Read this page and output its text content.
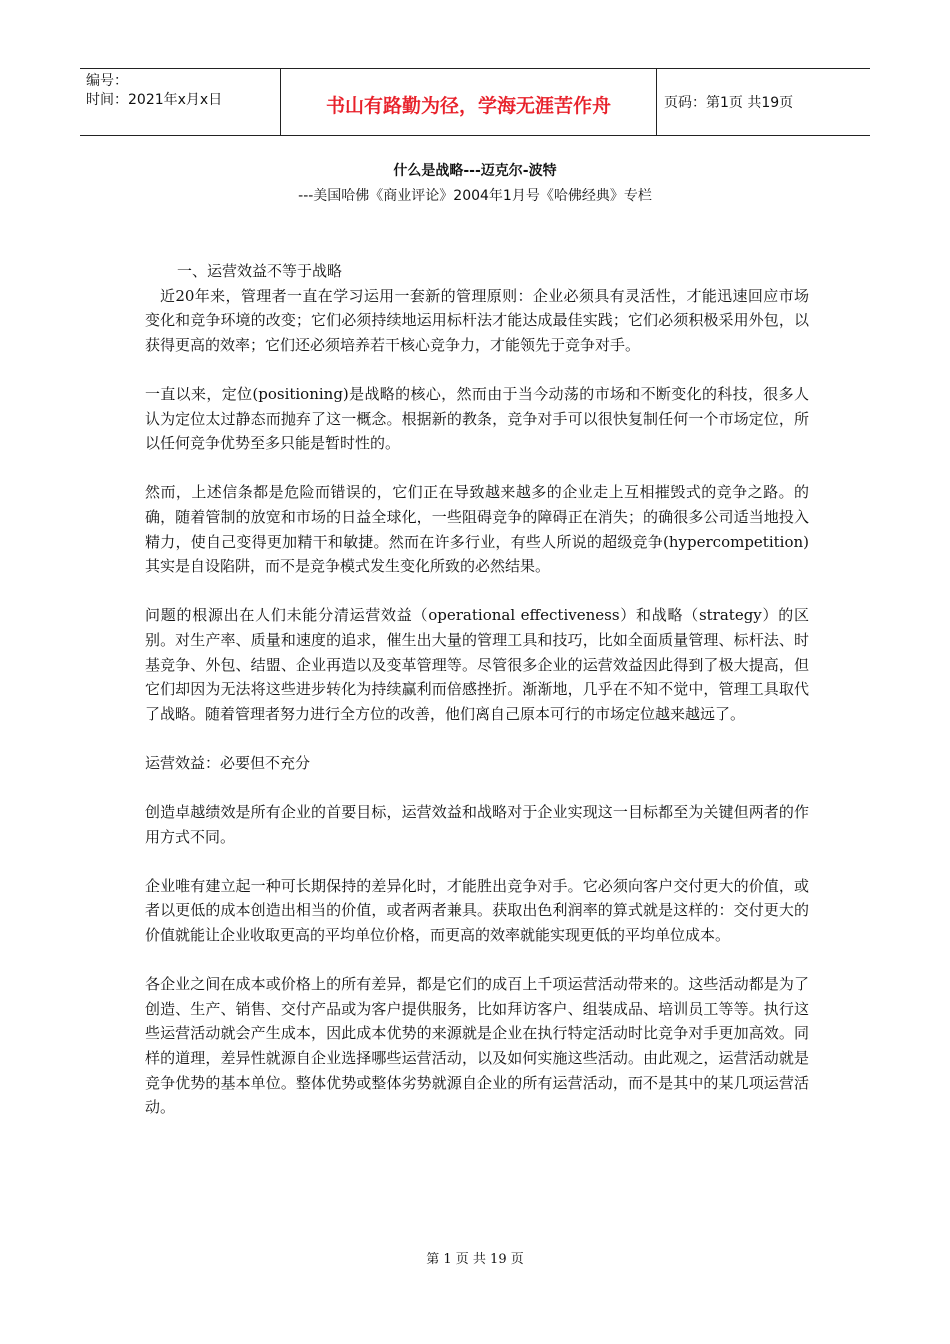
编号：
时间：2021年x月x日	书山有路勤为径，学海无涯苦作舟	页码：第1页 共19页
什么是战略---迈克尔-波特
---美国哈佛《商业评论》2004年1月号《哈佛经典》专栏

一、运营效益不等于战略

近20年来，管理者一直在学习运用一套新的管理原则：企业必须具有灵活性，才能迅速回应市场变化和竞争环境的改变；它们必须持续地运用标杆法才能达成最佳实践；它们必须积极采用外包，以获得更高的效率；它们还必须培养若干核心竞争力，才能领先于竞争对手。

一直以来，定位(positioning)是战略的核心，然而由于当今动荡的市场和不断变化的科技，很多人认为定位太过静态而抛弃了这一概念。根据新的教条，竞争对手可以很快复制任何一个市场定位，所以任何竞争优势至多只能是暂时性的。

然而，上述信条都是危险而错误的，它们正在导致越来越多的企业走上互相摧毁式的竞争之路。的确，随着管制的放宽和市场的日益全球化，一些阻碍竞争的障碍正在消失；的确很多公司适当地投入精力，使自己变得更加精干和敏捷。然而在许多行业，有些人所说的超级竞争(hypercompetition)其实是自设陷阱，而不是竞争模式发生变化所致的必然结果。

问题的根源出在人们未能分清运营效益（operational effectiveness）和战略（strategy）的区别。对生产率、质量和速度的追求，催生出大量的管理工具和技巧，比如全面质量管理、标杆法、时基竞争、外包、结盟、企业再造以及变革管理等。尽管很多企业的运营效益因此得到了极大提高，但它们却因为无法将这些进步转化为持续赢利而倍感挫折。渐渐地，几乎在不知不觉中，管理工具取代了战略。随着管理者努力进行全方位的改善，他们离自己原本可行的市场定位越来越远了。

运营效益：必要但不充分

创造卓越绩效是所有企业的首要目标，运营效益和战略对于企业实现这一目标都至为关键但两者的作用方式不同。

企业唯有建立起一种可长期保持的差异化时，才能胜出竞争对手。它必须向客户交付更大的价值，或者以更低的成本创造出相当的价值，或者两者兼具。获取出色利润率的算式就是这样的：交付更大的价值就能让企业收取更高的平均单位价格，而更高的效率就能实现更低的平均单位成本。

各企业之间在成本或价格上的所有差异，都是它们的成百上千项运营活动带来的。这些活动都是为了创造、生产、销售、交付产品或为客户提供服务，比如拜访客户、组装成品、培训员工等等。执行这些运营活动就会产生成本，因此成本优势的来源就是企业在执行特定活动时比竞争对手更加高效。同样的道理，差异性就源自企业选择哪些运营活动，以及如何实施这些活动。由此观之，运营活动就是竞争优势的基本单位。整体优势或整体劣势就源自企业的所有运营活动，而不是其中的某几项运营活动。

第 1 页 共 19 页
